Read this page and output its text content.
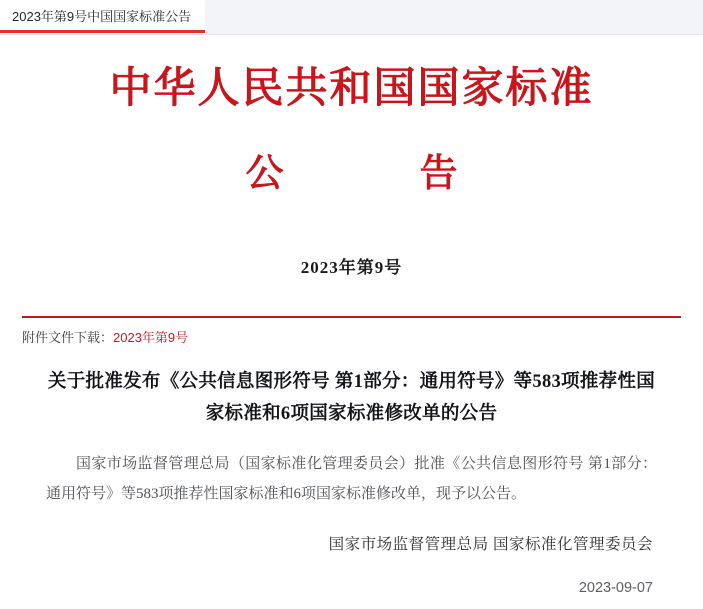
2023年第9号中国国家标准公告
中华人民共和国国家标准
公　　告
2023年第9号
附件文件下载：2023年第9号
关于批准发布《公共信息图形符号 第1部分：通用符号》等583项推荐性国家标准和6项国家标准修改单的公告
国家市场监督管理总局（国家标准化管理委员会）批准《公共信息图形符号 第1部分：通用符号》等583项推荐性国家标准和6项国家标准修改单，现予以公告。
国家市场监督管理总局 国家标准化管理委员会
2023-09-07
